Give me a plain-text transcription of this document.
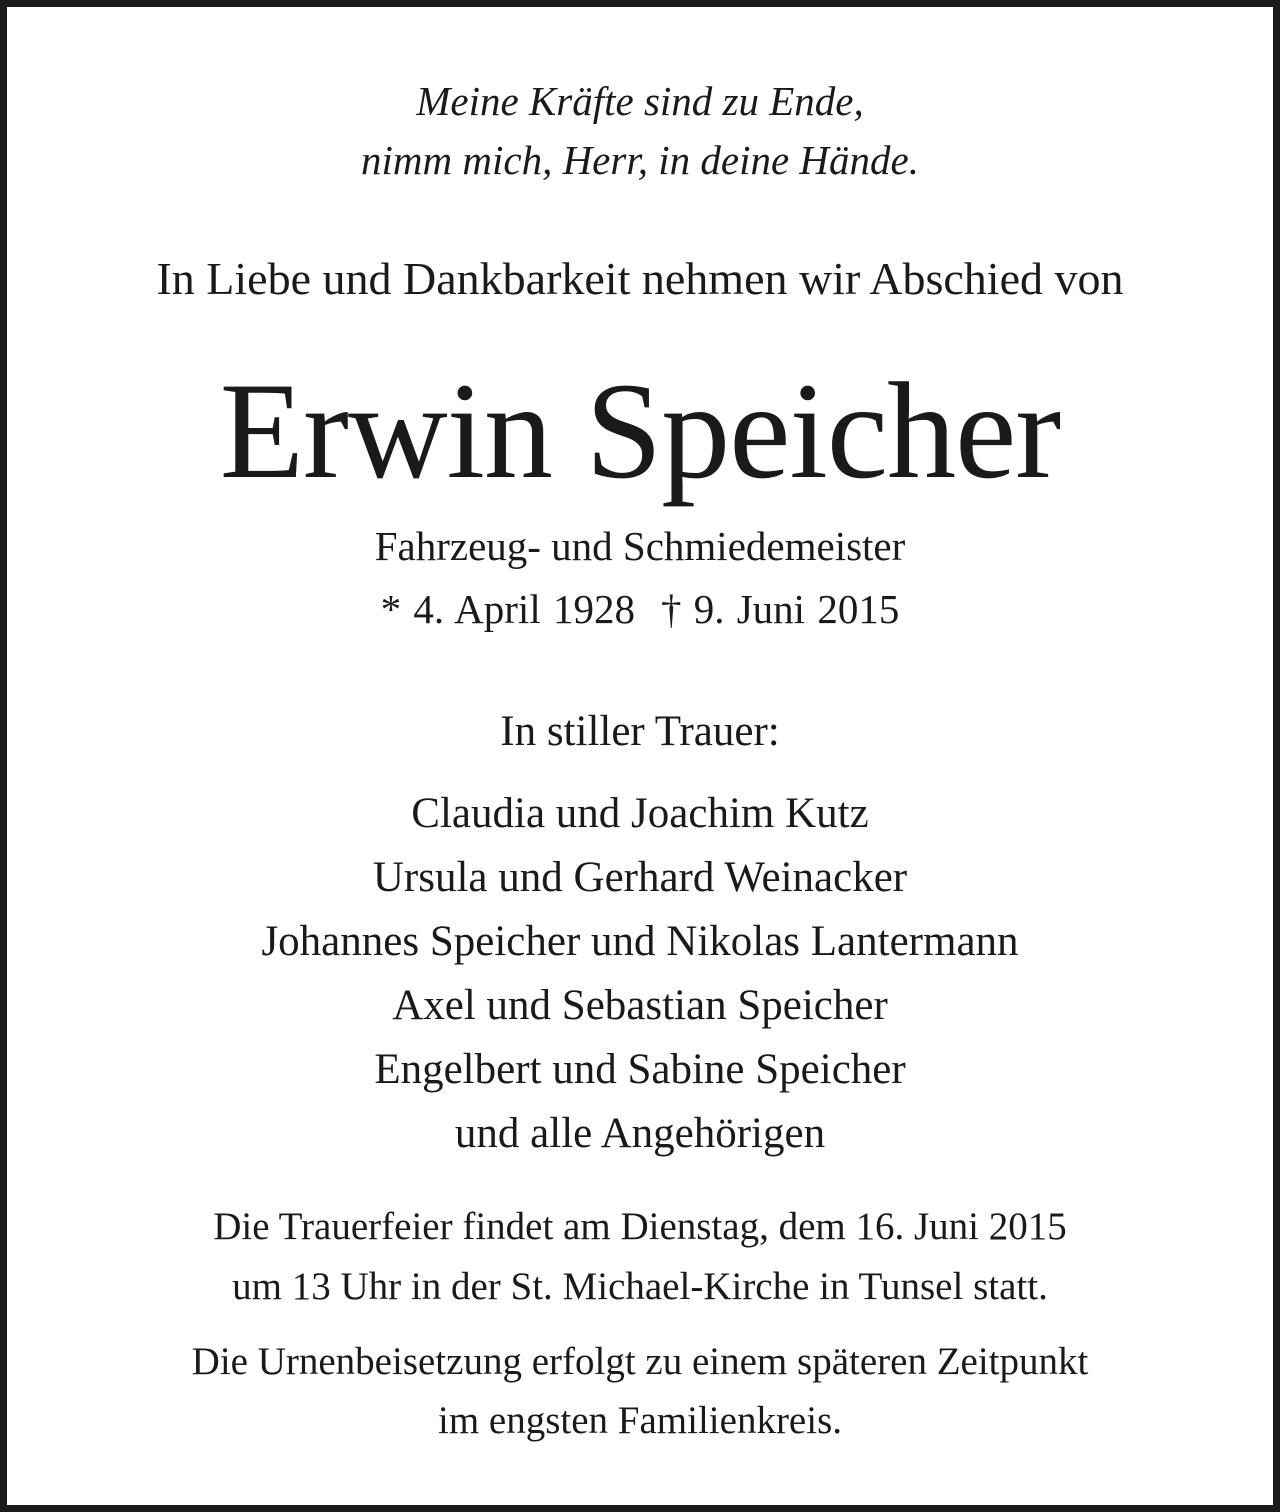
Meine Kräfte sind zu Ende,
nimm mich, Herr, in deine Hände.
In Liebe und Dankbarkeit nehmen wir Abschied von
Erwin Speicher
Fahrzeug- und Schmiedemeister
* 4. April 1928 † 9. Juni 2015
In stiller Trauer:
Claudia und Joachim Kutz
Ursula und Gerhard Weinacker
Johannes Speicher und Nikolas Lantermann
Axel und Sebastian Speicher
Engelbert und Sabine Speicher
und alle Angehörigen
Die Trauerfeier findet am Dienstag, dem 16. Juni 2015
um 13 Uhr in der St. Michael-Kirche in Tunsel statt.
Die Urnenbeisetzung erfolgt zu einem späteren Zeitpunkt
im engsten Familienkreis.
